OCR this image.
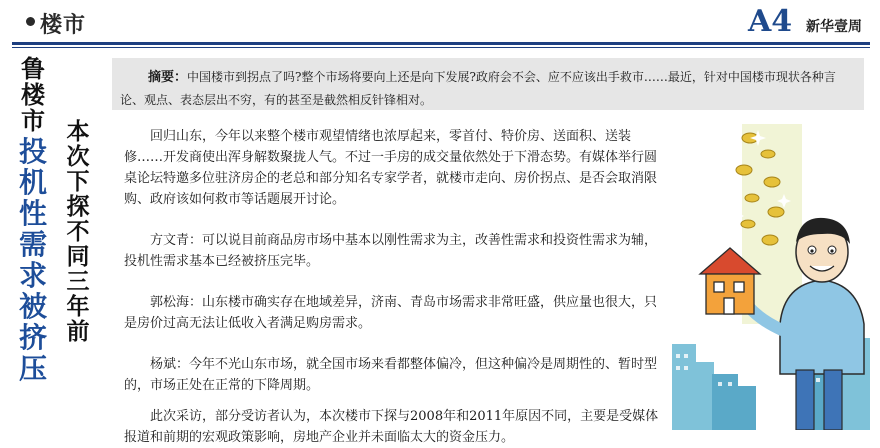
楼市	A4 新华壹周
鲁楼市
投机性需求被挤压
本次下探不同三年前
摘要：中国楼市到拐点了吗?整个市场将要向上还是向下发展?政府会不会、应不应该出手救市……最近，针对中国楼市现状各种言论、观点、表态层出不穷，有的甚至是截然相反针锋相对。

回归山东，今年以来整个楼市观望情绪也浓厚起来，零首付、特价房、送面积、送装修……开发商使出浑身解数聚拢人气。不过一手房的成交量依然处于下滑态势。有媒体举行圆桌论坛特邀多位驻济房企的老总和部分知名专家学者，就楼市走向、房价拐点、是否会取消限购、政府该如何救市等话题展开讨论。

方文青：可以说目前商品房市场中基本以刚性需求为主，改善性需求和投资性需求为辅，投机性需求基本已经被挤压完毕。

郭松海：山东楼市确实存在地域差异，济南、青岛市场需求非常旺盛，供应量也很大，只是房价过高无法让低收入者满足购房需求。

杨斌：今年不光山东市场，就全国市场来看都整体偏冷，但这种偏冷是周期性的、暂时型的，市场正处在正常的下降周期。

此次采访，部分受访者认为，本次楼市下探与2008年和2011年原因不同，主要是受媒体报道和前期的宏观政策影响，房地产企业并未面临太大的资金压力。
